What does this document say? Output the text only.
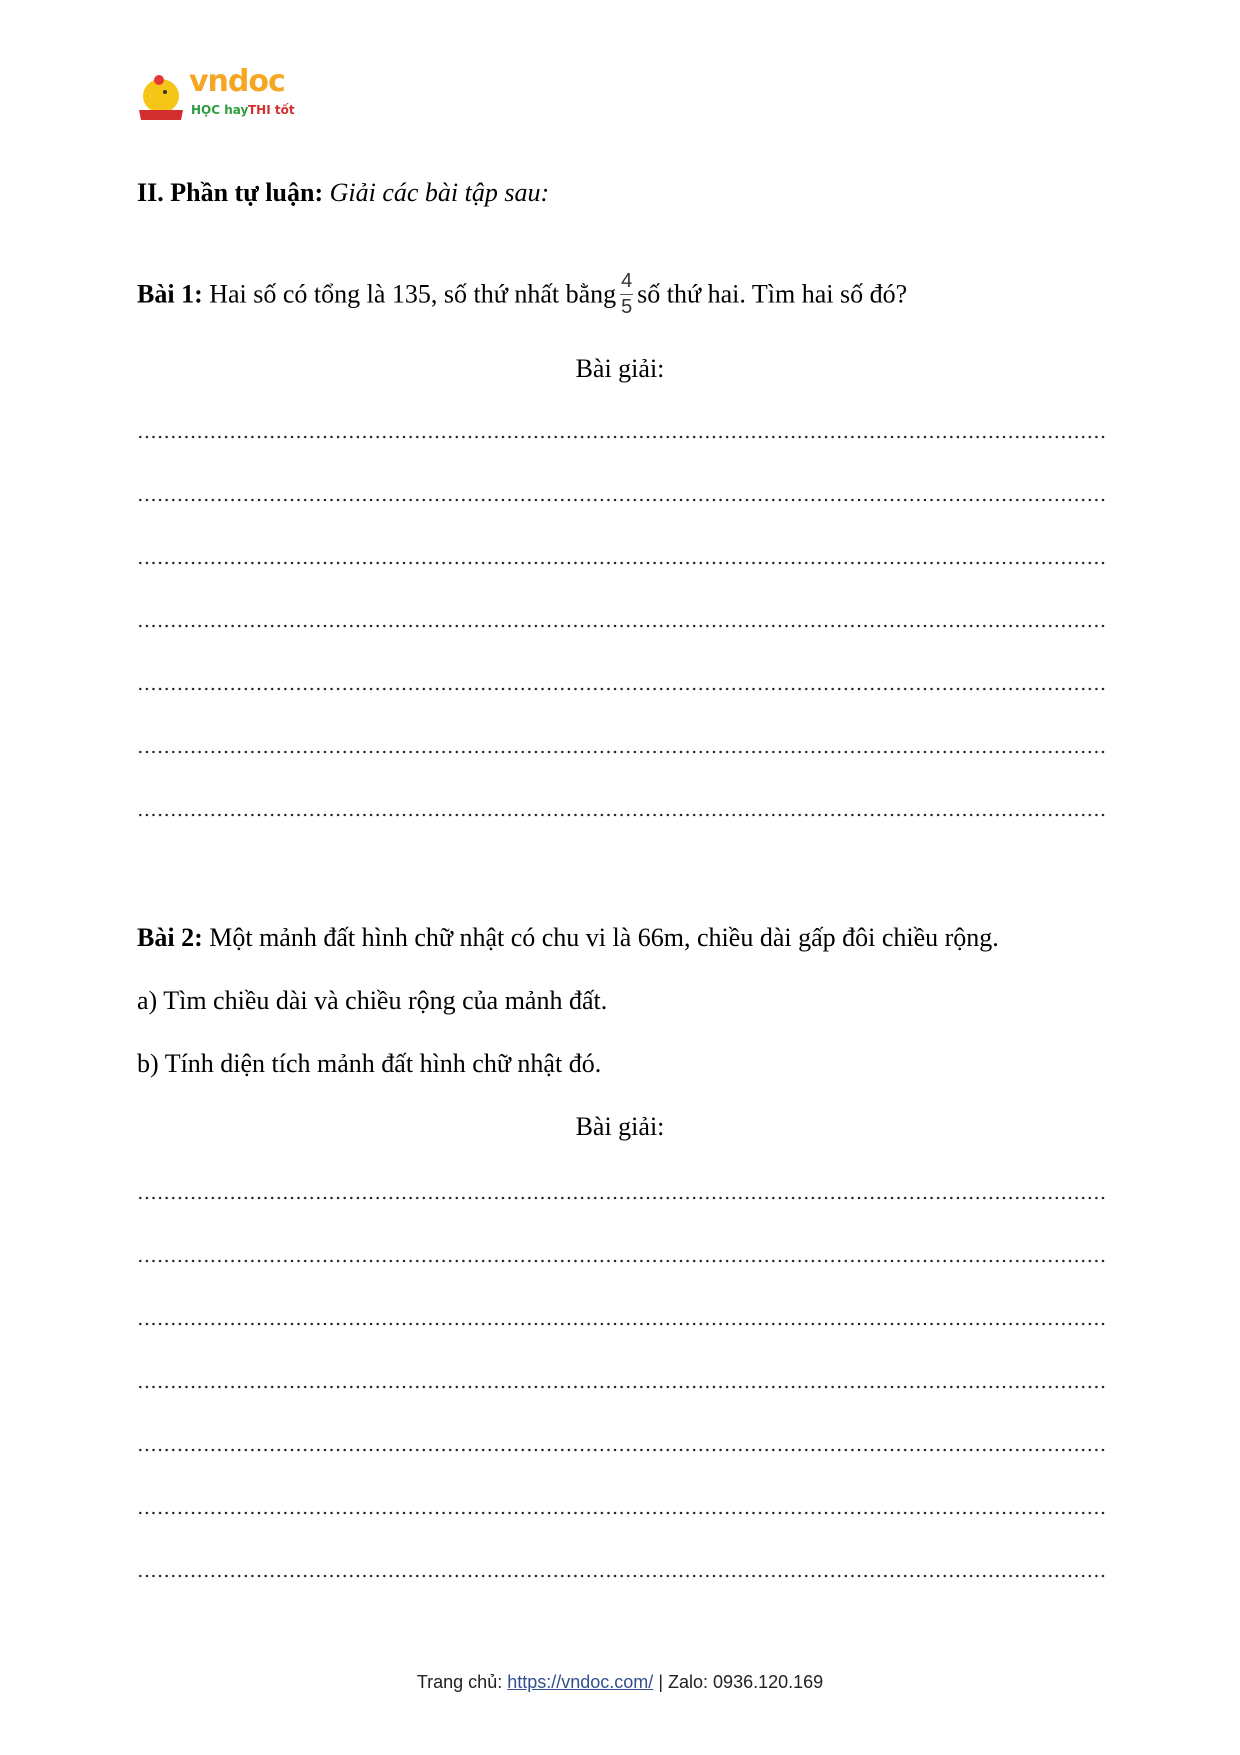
vndoc
HỌC hay THI tốt
II. Phần tự luận: Giải các bài tập sau:
Bài 1: Hai số có tổng là 135, số thứ nhất bằng $\frac{4}{5}$ số thứ hai. Tìm hai số đó?
Bài giải:
Bài 2: Một mảnh đất hình chữ nhật có chu vi là 66m, chiều dài gấp đôi chiều rộng.
a) Tìm chiều dài và chiều rộng của mảnh đất.
b) Tính diện tích mảnh đất hình chữ nhật đó.
Bài giải:
Trang chủ: https://vndoc.com/ | Zalo: 0936.120.169
